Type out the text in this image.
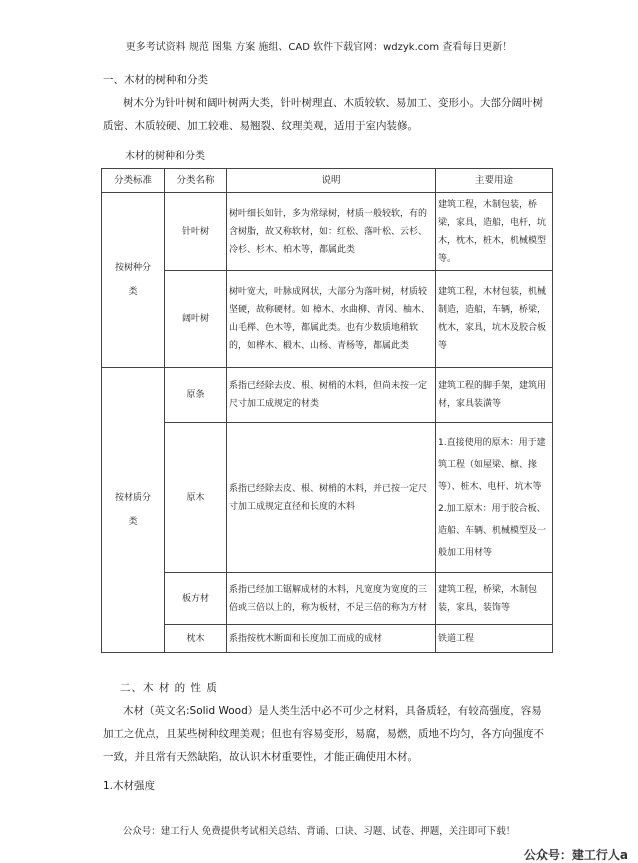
更多考试资料 规范 图集 方案 施组、CAD 软件下载官网：wdzyk.com 查看每日更新！
一、木材的树种和分类
树木分为针叶树和阔叶树两大类，针叶树理直、木质较软、易加工、变形小。大部分阔叶树质密、木质较硬、加工较难、易翘裂、纹理美观，适用于室内装修。
木材的树种和分类
分类标准	分类名称	说明	主要用途
按树种分类	针叶树	树叶细长如针，多为常绿树，材质一般较软，有的含树脂，故又称软材，如：红松、落叶松、云杉、冷杉、杉木、柏木等，都属此类	建筑工程，木制包装，桥梁，家具，造船，电杆，坑木，枕木，桩木，机械模型等。
	阔叶树	树叶宽大，叶脉成网状，大部分为落叶树，材质较坚硬，故称硬材。如 樟木、水曲柳、青冈、柚木、山毛榉、色木等，都属此类。也有少数质地稍软的，如桦木、椴木、山杨、青杨等，都属此类	建筑工程，木材包装，机械制造，造船，车辆，桥梁，枕木，家具，坑木及胶合板等
按材质分类	原条	系指已经除去皮、根、树梢的木料，但尚未按一定尺寸加工成规定的材类	建筑工程的脚手架，建筑用材，家具装潢等
	原木	系指已经除去皮、根、树梢的木料，并已按一定尺寸加工成规定直径和长度的木料	1.直接使用的原木：用于建筑工程（如屋梁、檩、掾等）、桩木、电杆、坑木等 2.加工原木：用于胶合板、造船、车辆、机械模型及一般加工用材等
	板方材	系指已经加工锯解成材的木料，凡宽度为宽度的三倍或三倍以上的，称为板材，不足三倍的称为方材	建筑工程，桥梁，木制包装，家具，装饰等
	枕木	系指按枕木断面和长度加工而成的成材	铁道工程
二、木 材 的 性 质
木材（英文名:Solid Wood）是人类生活中必不可少之材料，具备质轻，有较高强度，容易加工之优点，且某些树种纹理美观；但也有容易变形，易腐，易燃，质地不均匀，各方向强度不一致，并且常有天然缺陷，故认识木材重要性，才能正确使用木材。
1.木材强度
公众号：建工行人 免费提供考试相关总结、背诵、口诀、习题、试卷、押题，关注即可下载！
公众号：建工行人a
